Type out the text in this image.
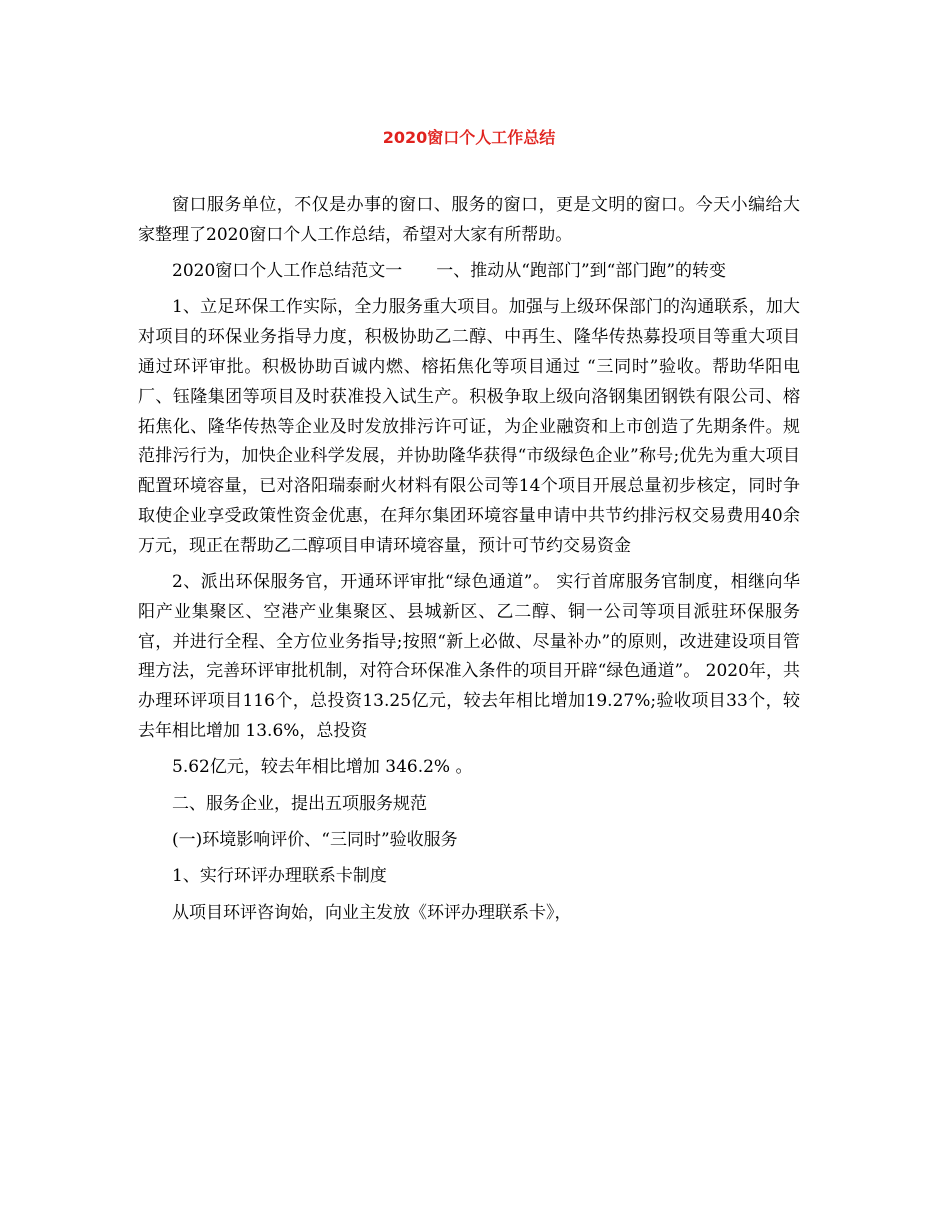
2020窗口个人工作总结

窗口服务单位，不仅是办事的窗口、服务的窗口，更是文明的窗口。今天小编给大家整理了2020窗口个人工作总结，希望对大家有所帮助。

2020窗口个人工作总结范文一　　一、推动从“跑部门”到“部门跑”的转变

1、立足环保工作实际，全力服务重大项目。加强与上级环保部门的沟通联系，加大对项目的环保业务指导力度，积极协助乙二醇、中再生、隆华传热募投项目等重大项目通过环评审批。积极协助百诚内燃、榕拓焦化等项目通过 “三同时”验收。帮助华阳电厂、钰隆集团等项目及时获准投入试生产。积极争取上级向洛钢集团钢铁有限公司、榕拓焦化、隆华传热等企业及时发放排污许可证，为企业融资和上市创造了先期条件。规范排污行为，加快企业科学发展，并协助隆华获得“市级绿色企业”称号;优先为重大项目配置环境容量，已对洛阳瑞泰耐火材料有限公司等14个项目开展总量初步核定，同时争取使企业享受政策性资金优惠，在拜尔集团环境容量申请中共节约排污权交易费用40余万元，现正在帮助乙二醇项目申请环境容量，预计可节约交易资金

2、派出环保服务官，开通环评审批“绿色通道”。 实行首席服务官制度，相继向华阳产业集聚区、空港产业集聚区、县城新区、乙二醇、铜一公司等项目派驻环保服务官，并进行全程、全方位业务指导;按照“新上必做、尽量补办”的原则，改进建设项目管理方法，完善环评审批机制，对符合环保准入条件的项目开辟“绿色通道”。 2020年，共办理环评项目116个，总投资13.25亿元，较去年相比增加19.27%;验收项目33个，较去年相比增加 13.6%，总投资

5.62亿元，较去年相比增加 346.2% 。

二、服务企业，提出五项服务规范

(一)环境影响评价、“三同时”验收服务

1、实行环评办理联系卡制度

从项目环评咨询始，向业主发放《环评办理联系卡》，
